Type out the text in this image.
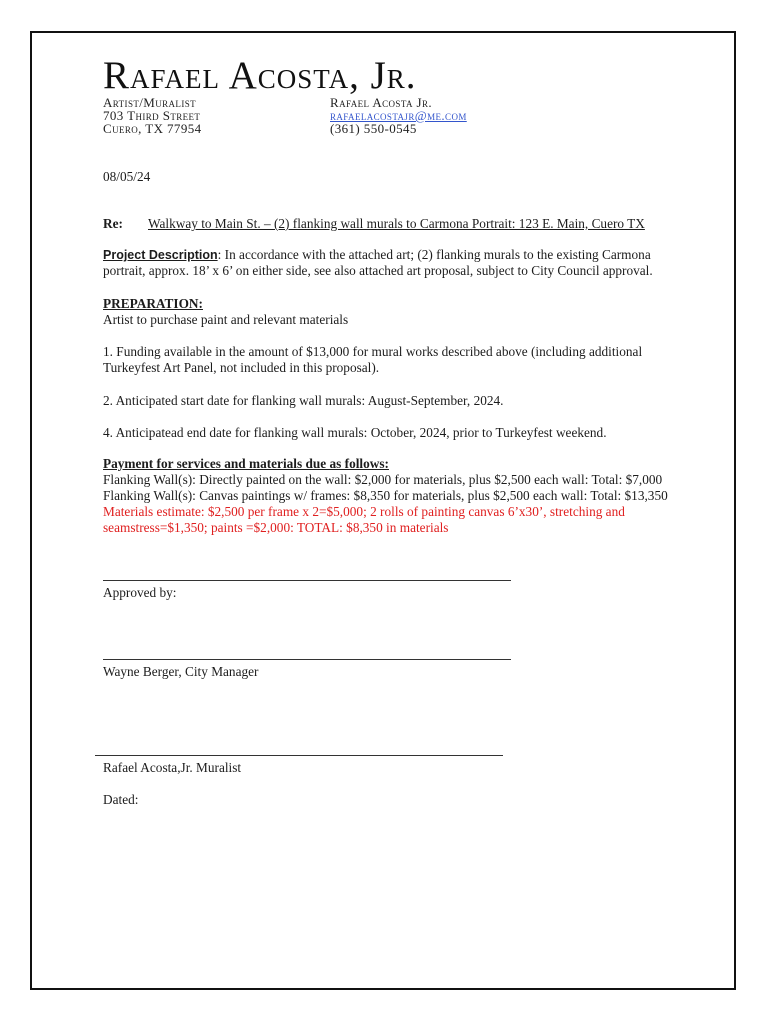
Rafael Acosta, Jr.
Artist/Muralist
703 Third Street
Cuero, TX 77954
Rafael Acosta Jr.
rafaelacostajr@me.com
(361) 550-0545
08/05/24
Re: Walkway to Main St. – (2) flanking wall murals to Carmona Portrait: 123 E. Main, Cuero TX
Project Description: In accordance with the attached art; (2) flanking murals to the existing Carmona portrait, approx. 18’ x 6’ on either side, see also attached art proposal, subject to City Council approval.
PREPARATION:
Artist to purchase paint and relevant materials
1. Funding available in the amount of $13,000 for mural works described above (including additional Turkeyfest Art Panel, not included in this proposal).
2. Anticipated start date for flanking wall murals: August-September, 2024.
4. Anticipatead end date for flanking wall murals: October, 2024, prior to Turkeyfest weekend.
Payment for services and materials due as follows:
Flanking Wall(s): Directly painted on the wall: $2,000 for materials, plus $2,500 each wall: Total: $7,000
Flanking Wall(s): Canvas paintings w/ frames: $8,350 for materials, plus $2,500 each wall: Total: $13,350
Materials estimate: $2,500 per frame x 2=$5,000; 2 rolls of painting canvas 6’x30’, stretching and seamstress=$1,350; paints =$2,000: TOTAL: $8,350 in materials
Approved by:
Wayne Berger, City Manager
Rafael Acosta,Jr. Muralist
Dated:
